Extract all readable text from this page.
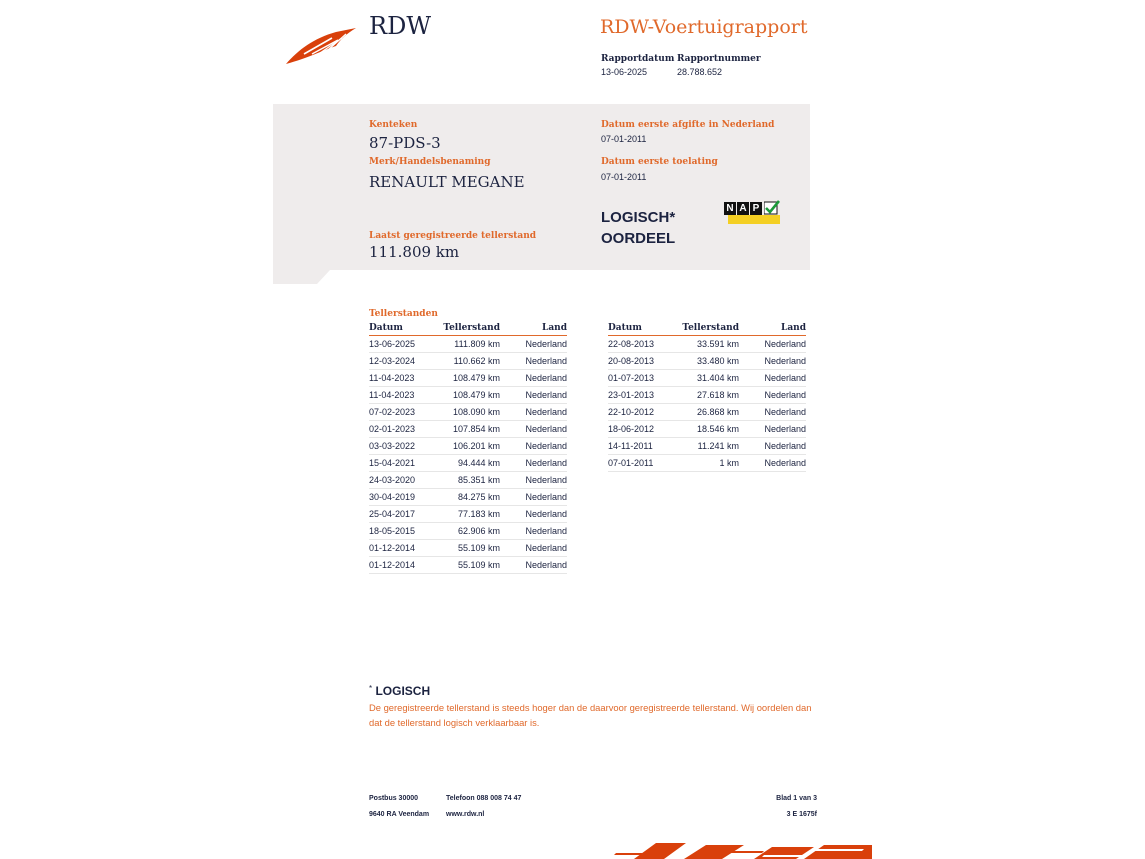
RDW	RDW-Voertuigrapport
Rapportdatum
13-06-2025
Rapportnummer
28.788.652
Kenteken
87-PDS-3
Merk/Handelsbenaming
RENAULT MEGANE
Datum eerste afgifte in Nederland
07-01-2011
Datum eerste toelating
07-01-2011
Laatst geregistreerde tellerstand
111.809 km
LOGISCH*
OORDEEL
N A P
Tellerstanden
Datum	Tellerstand	Land
13-06-2025	111.809 km	Nederland
12-03-2024	110.662 km	Nederland
11-04-2023	108.479 km	Nederland
11-04-2023	108.479 km	Nederland
07-02-2023	108.090 km	Nederland
02-01-2023	107.854 km	Nederland
03-03-2022	106.201 km	Nederland
15-04-2021	94.444 km	Nederland
24-03-2020	85.351 km	Nederland
30-04-2019	84.275 km	Nederland
25-04-2017	77.183 km	Nederland
18-05-2015	62.906 km	Nederland
01-12-2014	55.109 km	Nederland
01-12-2014	55.109 km	Nederland
Datum	Tellerstand	Land
22-08-2013	33.591 km	Nederland
20-08-2013	33.480 km	Nederland
01-07-2013	31.404 km	Nederland
23-01-2013	27.618 km	Nederland
22-10-2012	26.868 km	Nederland
18-06-2012	18.546 km	Nederland
14-11-2011	11.241 km	Nederland
07-01-2011	1 km	Nederland
* LOGISCH
De geregistreerde tellerstand is steeds hoger dan de daarvoor geregistreerde tellerstand. Wij oordelen dan dat de tellerstand logisch verklaarbaar is.
Postbus 30000
9640 RA Veendam
Telefoon 088 008 74 47
www.rdw.nl
Blad 1 van 3
3 E 1675f
